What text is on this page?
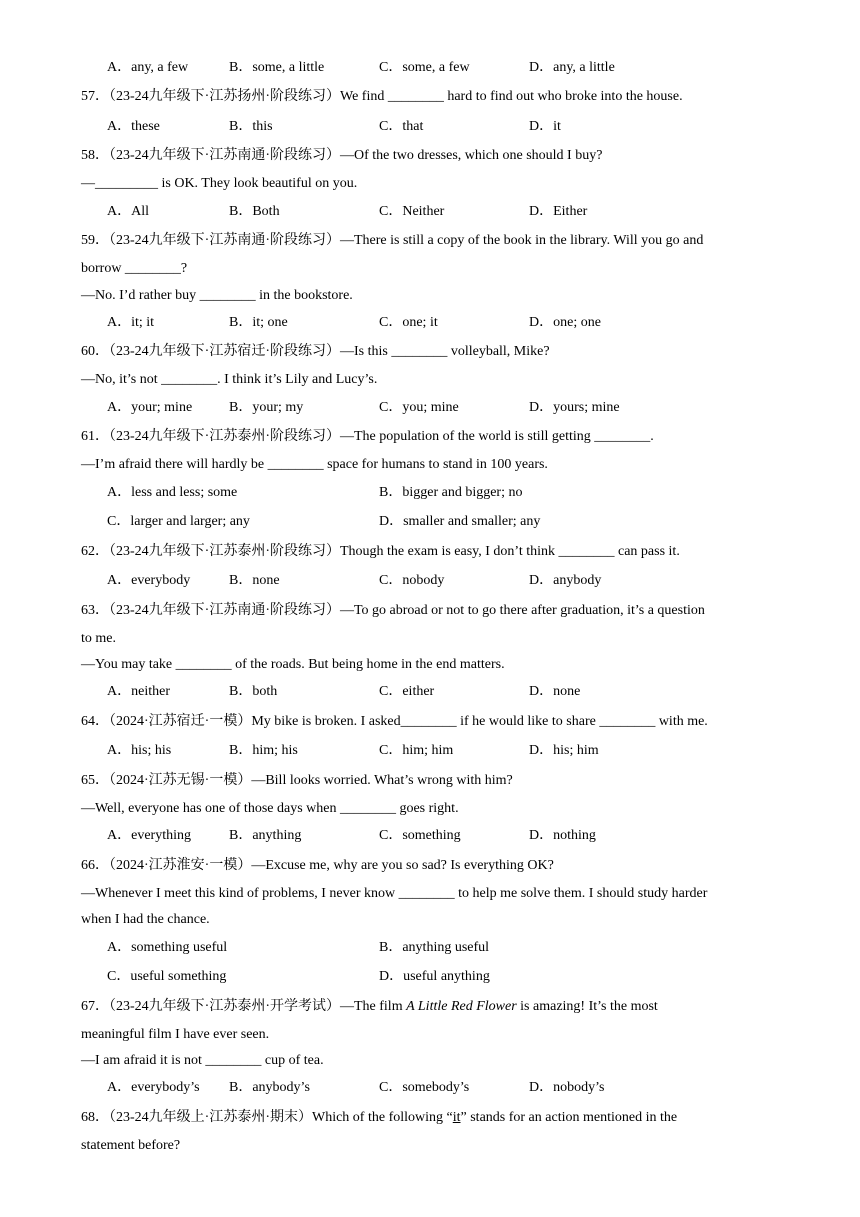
A．any, a few	B．some, a little	C．some, a few	D．any, a little
57．（23-24九年级下·江苏扬州·阶段练习）We find ________ hard to find out who broke into the house.
A．these	B．this	C．that	D．it
58．（23-24九年级下·江苏南通·阶段练习）—Of the two dresses, which one should I buy?
—_________ is OK. They look beautiful on you.
A．All	B．Both	C．Neither	D．Either
59．（23-24九年级下·江苏南通·阶段练习）—There is still a copy of the book in the library. Will you go and
borrow ________?
—No. I’d rather buy ________ in the bookstore.
A．it; it	B．it; one	C．one; it	D．one; one
60．（23-24九年级下·江苏宿迁·阶段练习）—Is this ________ volleyball, Mike?
—No, it’s not ________. I think it’s Lily and Lucy’s.
A．your; mine	B．your; my	C．you; mine	D．yours; mine
61．（23-24九年级下·江苏泰州·阶段练习）—The population of the world is still getting ________.
—I’m afraid there will hardly be ________ space for humans to stand in 100 years.
A．less and less; some	B．bigger and bigger; no
C．larger and larger; any	D．smaller and smaller; any
62．（23-24九年级下·江苏泰州·阶段练习）Though the exam is easy, I don’t think ________ can pass it.
A．everybody	B．none	C．nobody	D．anybody
63．（23-24九年级下·江苏南通·阶段练习）—To go abroad or not to go there after graduation, it’s a question
to me.
—You may take ________ of the roads. But being home in the end matters.
A．neither	B．both	C．either	D．none
64．（2024·江苏宿迁·一模）My bike is broken. I asked________ if he would like to share ________ with me.
A．his; his	B．him; his	C．him; him	D．his; him
65．（2024·江苏无锡·一模）—Bill looks worried. What’s wrong with him?
—Well, everyone has one of those days when ________ goes right.
A．everything	B．anything	C．something	D．nothing
66．（2024·江苏淮安·一模）—Excuse me, why are you so sad? Is everything OK?
—Whenever I meet this kind of problems, I never know ________ to help me solve them. I should study harder
when I had the chance.
A．something useful	B．anything useful
C．useful something	D．useful anything
67．（23-24九年级下·江苏泰州·开学考试）—The film A Little Red Flower is amazing! It’s the most
meaningful film I have ever seen.
—I am afraid it is not ________ cup of tea.
A．everybody’s B．anybody’s	C．somebody’s	D．nobody’s
68．（23-24九年级上·江苏泰州·期末）Which of the following “it” stands for an action mentioned in the
statement before?
